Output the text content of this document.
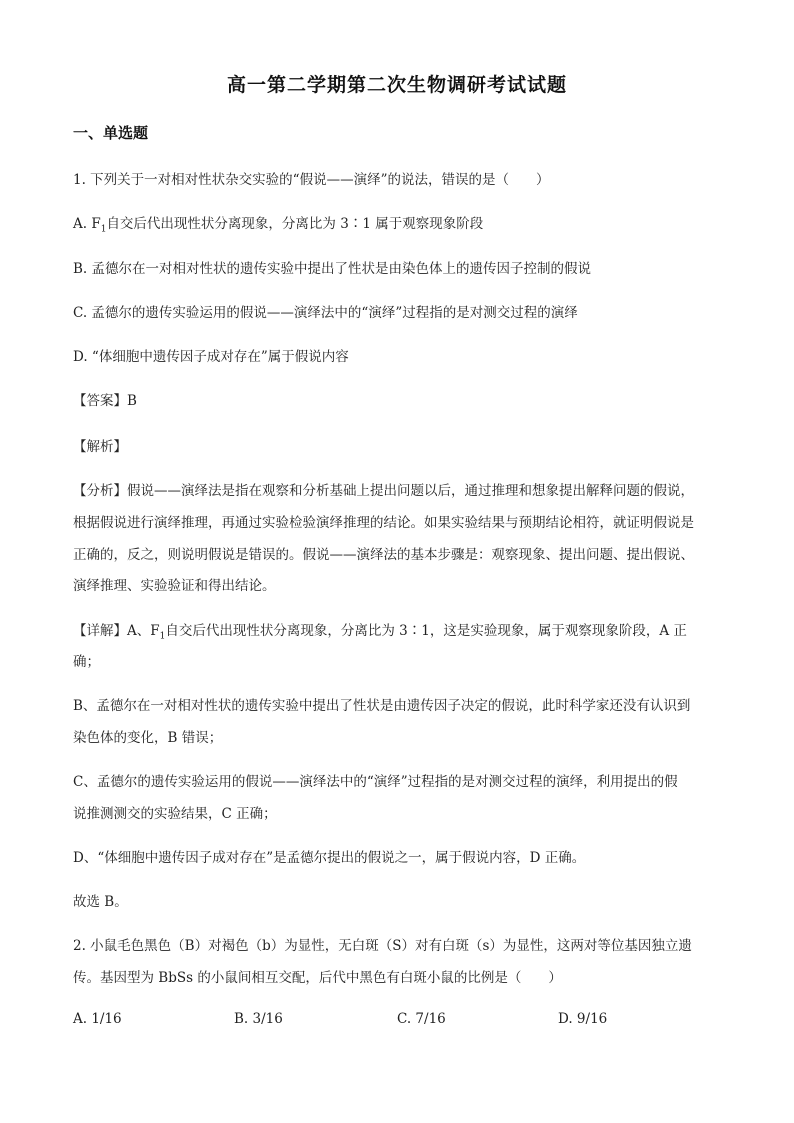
高一第二学期第二次生物调研考试试题
一、单选题
1. 下列关于一对相对性状杂交实验的“假说——演绎”的说法，错误的是（　　）
A. $F_1$自交后代出现性状分离现象，分离比为 3∶1 属于观察现象阶段
B. 孟德尔在一对相对性状的遗传实验中提出了性状是由染色体上的遗传因子控制的假说
C. 孟德尔的遗传实验运用的假说——演绎法中的“演绎”过程指的是对测交过程的演绎
D. “体细胞中遗传因子成对存在”属于假说内容
【答案】B
【解析】
【分析】假说——演绎法是指在观察和分析基础上提出问题以后，通过推理和想象提出解释问题的假说，
根据假说进行演绎推理，再通过实验检验演绎推理的结论。如果实验结果与预期结论相符，就证明假说是
正确的，反之，则说明假说是错误的。假说——演绎法的基本步骤是：观察现象、提出问题、提出假说、
演绎推理、实验验证和得出结论。
【详解】A、$F_1$自交后代出现性状分离现象，分离比为 3∶1，这是实验现象，属于观察现象阶段，A 正
确；
B、孟德尔在一对相对性状的遗传实验中提出了性状是由遗传因子决定的假说，此时科学家还没有认识到
染色体的变化，B 错误；
C、孟德尔的遗传实验运用的假说——演绎法中的“演绎”过程指的是对测交过程的演绎，利用提出的假
说推测测交的实验结果，C 正确；
D、“体细胞中遗传因子成对存在”是孟德尔提出的假说之一，属于假说内容，D 正确。
故选 B。
2. 小鼠毛色黑色（B）对褐色（b）为显性，无白斑（S）对有白斑（s）为显性，这两对等位基因独立遗
传。基因型为 BbSs 的小鼠间相互交配，后代中黑色有白斑小鼠的比例是（　　）
A. 1/16	B. 3/16	C. 7/16	D. 9/16
